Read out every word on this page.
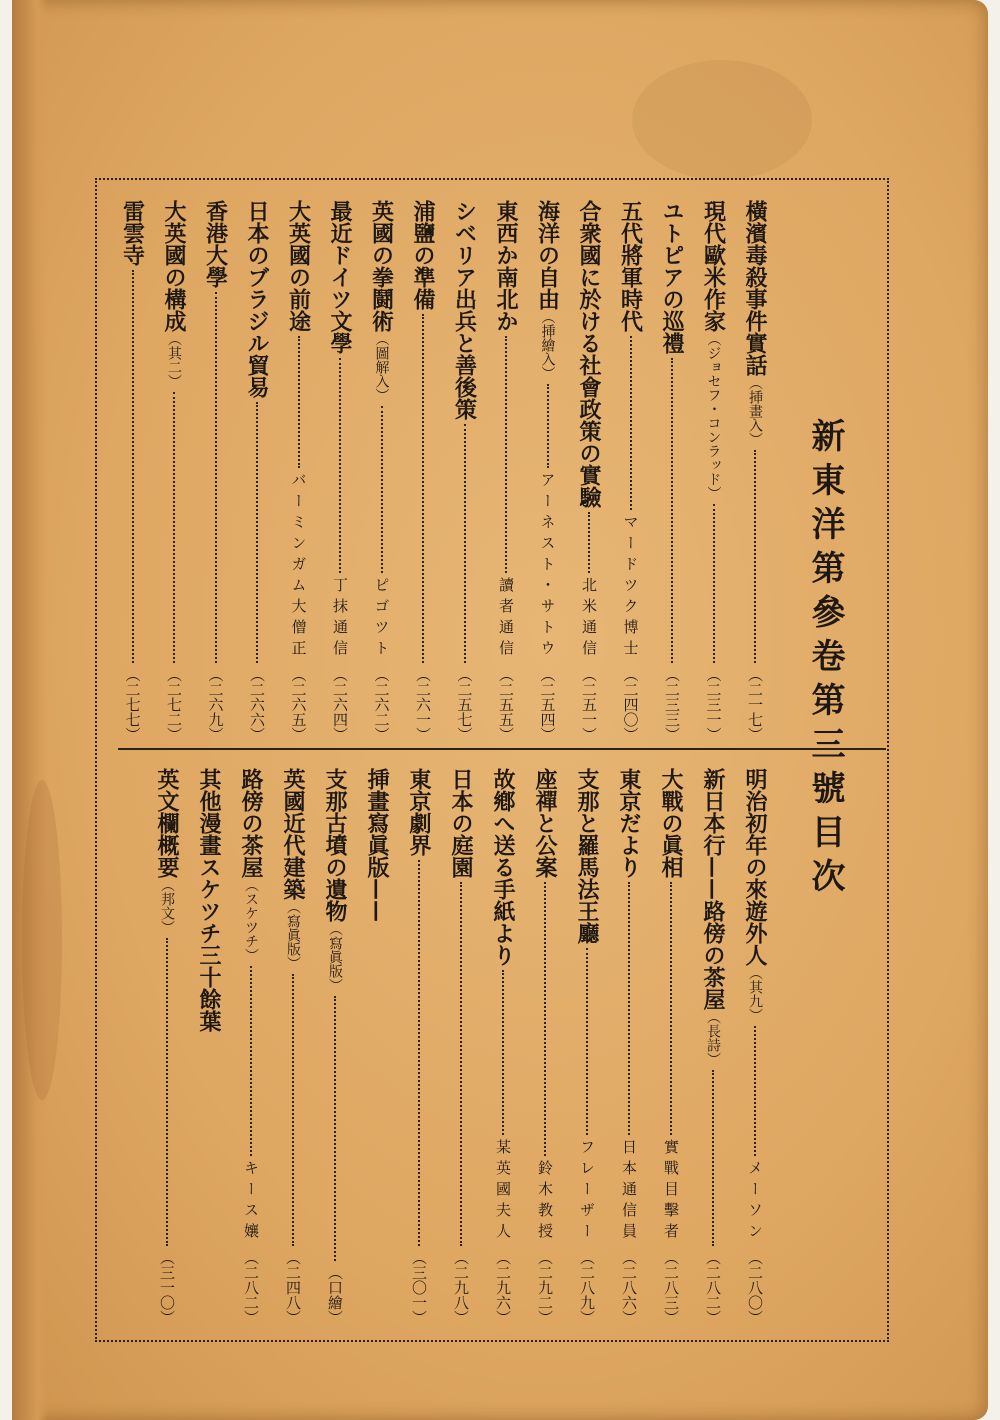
新東洋第參卷第三號目次
橫濱毒殺事件實話
（挿畫入）
（二一七）
現代歐米作家
（ジョセフ・コンラッド）
（二三一）
ユトピアの巡禮
（二三三）
五代將軍時代
マードツク博士
（二四〇）
合衆國に於ける社會政策の實驗
北米通信
（二五一）
海洋の自由
（挿繪入）
アーネスト・サトウ
（二五四）
東西か南北か
讀者通信
（二五五）
シベリア出兵と善後策
（二五七）
浦鹽の準備
（二六一）
英國の拳鬪術
（圖解入）
ピゴツト
（二六二）
最近ドイツ文學
丁抹通信
（二六四）
大英國の前途
バーミンガム大僧正
（二六五）
日本のブラジル貿易
（二六六）
香港大學
（二六九）
大英國の構成
（其二）
（二七二）
雷雲寺
（二七七）
明治初年の來遊外人
（其九）
メーソン
（二八〇）
新日本行——路傍の茶屋
（長詩）
（二八二）
大戰の眞相
實戰目擊者
（二八三）
東京だより
日本通信員
（二八六）
支那と羅馬法王廳
フレーザー
（二八九）
座禪と公案
鈴木教授
（二九二）
故鄕へ送る手紙より
某英國夫人
（二九六）
日本の庭園
（二九八）
東京劇界
（三〇一）
挿畫寫眞版——
支那古墳の遺物
（寫眞版）
（口繪）
英國近代建築
（寫眞版）
（二四八）
路傍の茶屋
（スケツチ）
キース孃
（二八二）
其他漫畫スケツチ三十餘葉
英文欄概要
（邦文）
（三一〇）
